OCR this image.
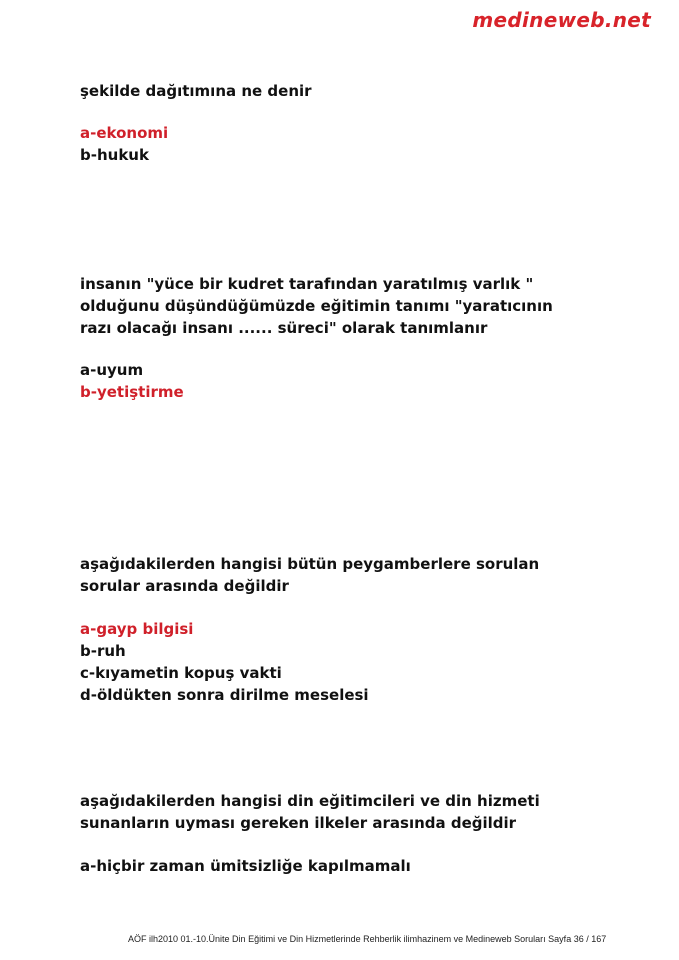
medineweb.net
şekilde dağıtımına ne denir
a-ekonomi
b-hukuk
insanın "yüce bir kudret tarafından yaratılmış varlık "
olduğunu düşündüğümüzde eğitimin tanımı "yaratıcının
razı olacağı insanı ...... süreci" olarak tanımlanır
a-uyum
b-yetiştirme
aşağıdakilerden hangisi bütün peygamberlere sorulan
sorular arasında değildir
a-gayp bilgisi
b-ruh
c-kıyametin kopuş vakti
d-öldükten sonra dirilme meselesi
aşağıdakilerden hangisi din eğitimcileri ve din hizmeti
sunanların uyması gereken ilkeler arasında değildir
a-hiçbir zaman ümitsizliğe kapılmamalı
AÖF ilh2010 01.-10.Ünite Din Eğitimi ve Din Hizmetlerinde Rehberlik ilimhazinem ve Medineweb Soruları Sayfa 36 / 167
